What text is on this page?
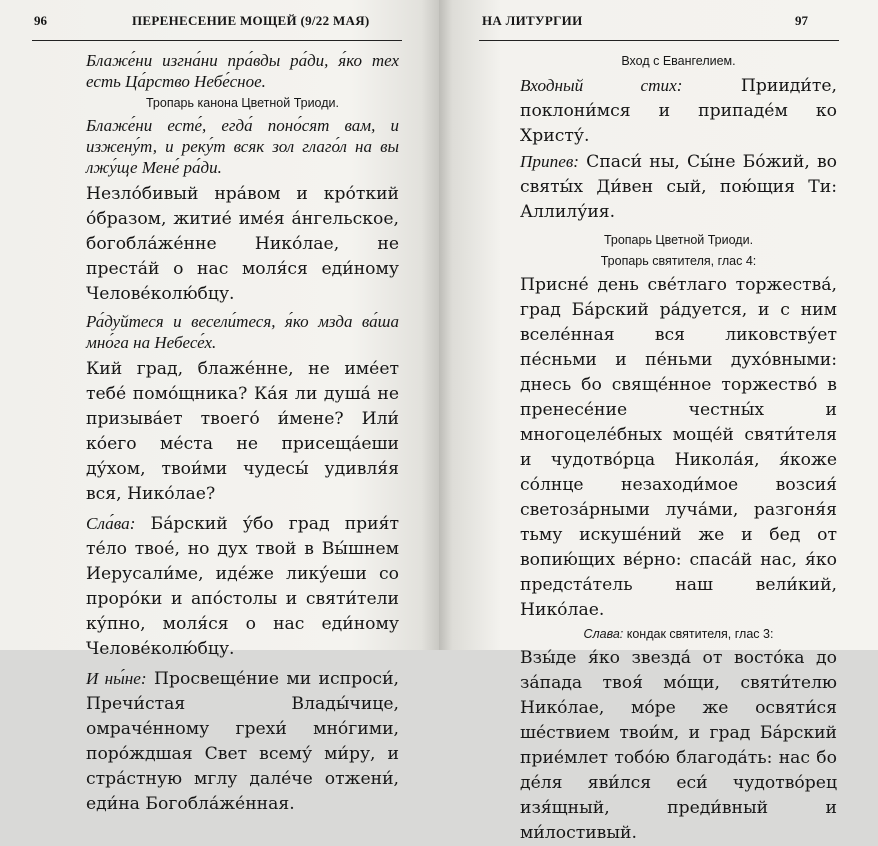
96	ПЕРЕНЕСЕНИЕ МОЩЕЙ (9/22 МАЯ)

Блаже́ни изгна́ни пра́вды ра́ди, я́ко тех есть Ца́рство Небе́сное.

Тропарь канона Цветной Триоди.

Блаже́ни есте́, егда́ поно́сят вам, и изжену́т, и реку́т всяк зол глаго́л на вы лжу́ще Мене́ ра́ди.

Незло́бивый нра́вом и кро́ткий о́бразом, житие́ име́я а́нгельское, богобла́же́нне Нико́лае, не преста́й о нас моля́ся еди́ному Челове́колю́бцу.

Ра́дуйтеся и весели́теся, я́ко мзда ва́ша мно́га на Небесе́х.

Кий град, блаже́нне, не име́ет тебе́ помо́щника? Ка́я ли душа́ не призыва́ет твоего́ и́мене? Или́ ко́его ме́ста не присеща́еши ду́хом, твои́ми чудесы́ удивля́я вся, Нико́лае?

Сла́ва: Ба́рский у́бо град прия́т те́ло твое́, но дух твой в Вы́шнем Иерусали́ме, иде́же лику́еши со проро́ки и апо́столы и святи́тели ку́пно, моля́ся о нас еди́ному Челове́колю́бцу.

И ны́не: Просвеще́ние ми испроси́, Пречи́стая Влады́чице, омраче́нному грехи́ мно́гими, поро́ждшая Свет всему́ ми́ру, и стра́стную мглу дале́че отжени́, еди́на Богобла́же́нная.

НА ЛИТУРГИИ	97
Вход с Евангелием.

Входный стих: Прииди́те, поклони́мся и припаде́м ко Христу́.

Припев: Спаси́ ны, Сы́не Бо́жий, во святы́х Ди́вен сый, пою́щия Ти: Аллилу́ия.

Тропарь Цветной Триоди.
Тропарь святителя, глас 4:

Присне́ день све́тлаго торжества́, град Ба́рский ра́дуется, и с ним вселе́нная вся ликовству́ет пе́сньми и пе́ньми духо́вными: днесь бо свяще́нное торжество́ в пренесе́ние честны́х и многоцеле́бных моще́й святи́теля и чудотво́рца Никола́я, я́коже со́лнце незаходи́мое возсия́ светоза́рными луча́ми, разгоня́я тьму искуше́ний же и бед от вопию́щих ве́рно: спаса́й нас, я́ко предста́тель наш вели́кий, Нико́лае.

Слава: кондак святителя, глас 3:

Взы́де я́ко звезда́ от восто́ка до за́пада твоя́ мо́щи, святи́телю Нико́лае, мо́ре же освяти́ся ше́ствием твои́м, и град Ба́рский прие́млет тобо́ю благода́ть: нас бо де́ля яви́лся еси́ чудотво́рец изя́щный, преди́вный и ми́лостивый.
